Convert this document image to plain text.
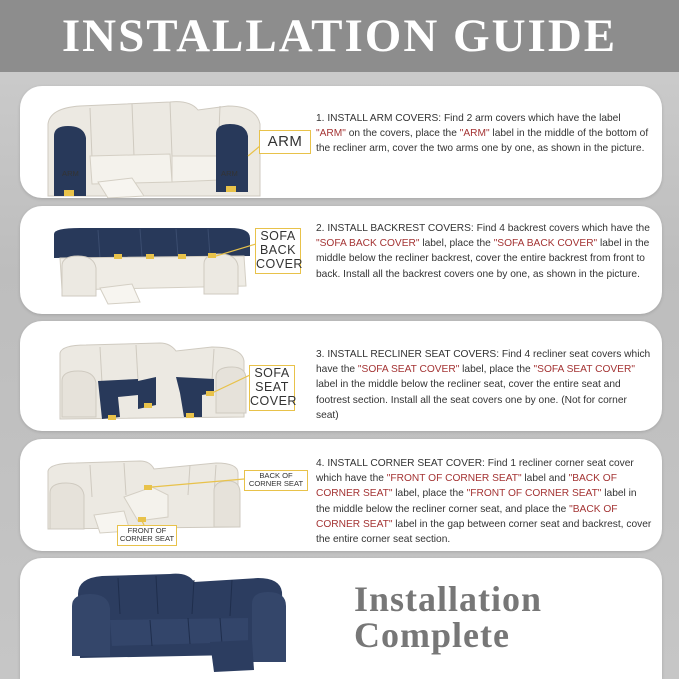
INSTALLATION GUIDE
ARM	ARM
ARM
1. INSTALL ARM COVERS: Find 2 arm covers which have the label "ARM" on the covers, place the "ARM" label in the middle of the bottom of the recliner arm, cover the two arms one by one, as shown in the picture.
SOFA
BACK
COVER
2. INSTALL BACKREST COVERS: Find 4 backrest covers which have the "SOFA BACK COVER" label, place the "SOFA BACK COVER" label in the middle below the recliner backrest, cover the entire backrest from front to back. Install all the backrest covers one by one, as shown in the picture.
SOFA
SEAT
COVER
3. INSTALL RECLINER SEAT COVERS: Find 4 recliner seat covers which have the "SOFA SEAT COVER" label, place the "SOFA SEAT COVER" label in the middle below the recliner seat, cover the entire seat and footrest section. Install all the seat covers one by one. (Not for corner seat)
BACK OF
CORNER SEAT
FRONT OF
CORNER SEAT
4. INSTALL CORNER SEAT COVER: Find 1 recliner corner seat cover which have the "FRONT OF CORNER SEAT" label and "BACK OF CORNER SEAT" label, place the "FRONT OF CORNER SEAT" label in the middle below the recliner corner seat, and place the "BACK OF CORNER SEAT" label in the gap between corner seat and backrest, cover the entire corner seat section.
Installation
Complete
